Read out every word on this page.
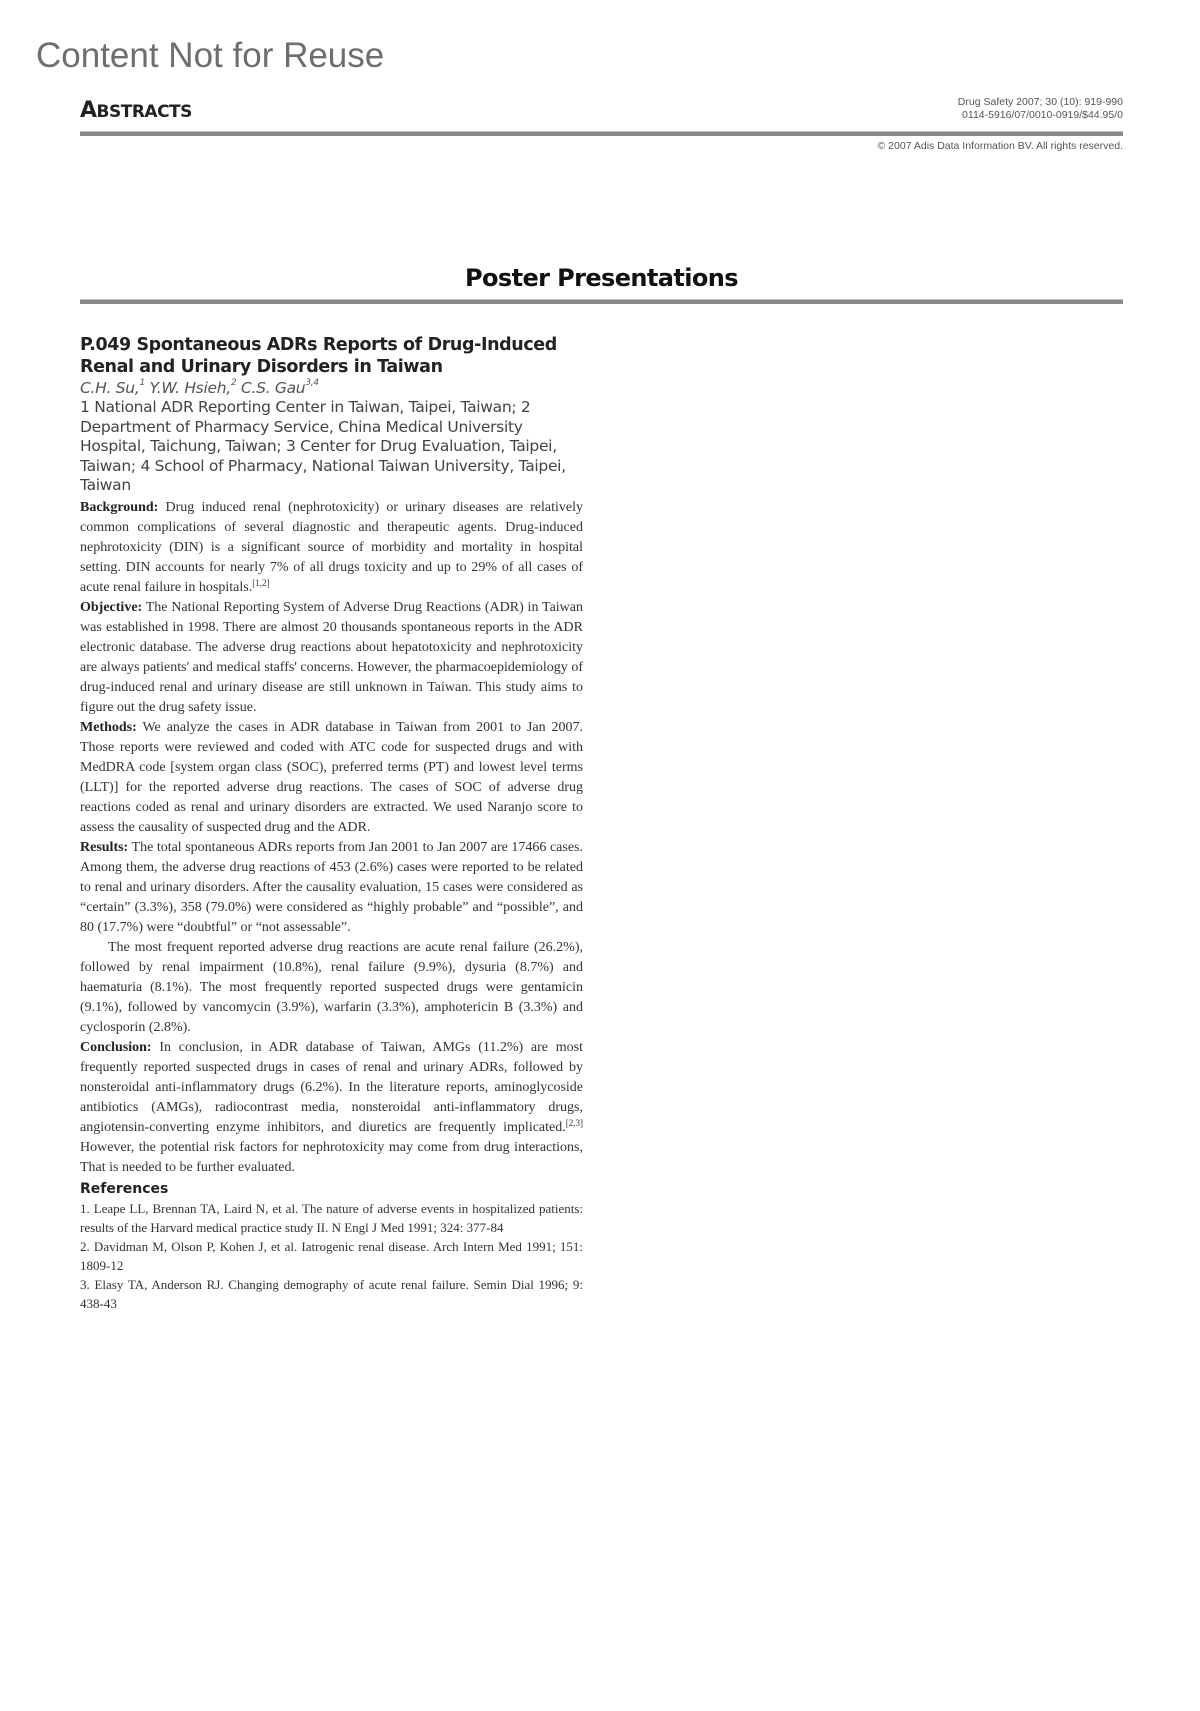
Content Not for Reuse
ABSTRACTS	Drug Safety 2007; 30 (10): 919-990
0114-5916/07/0010-0919/$44.95/0
© 2007 Adis Data Information BV. All rights reserved.
Poster Presentations
P.049 Spontaneous ADRs Reports of Drug-Induced Renal and Urinary Disorders in Taiwan
C.H. Su,$^1$ Y.W. Hsieh,$^2$ C.S. Gau$^{3,4}$
1 National ADR Reporting Center in Taiwan, Taipei, Taiwan; 2 Department of Pharmacy Service, China Medical University Hospital, Taichung, Taiwan; 3 Center for Drug Evaluation, Taipei, Taiwan; 4 School of Pharmacy, National Taiwan University, Taipei, Taiwan
Background: Drug induced renal (nephrotoxicity) or urinary diseases are relatively common complications of several diagnostic and therapeutic agents. Drug-induced nephrotoxicity (DIN) is a significant source of morbidity and mortality in hospital setting. DIN accounts for nearly 7% of all drugs toxicity and up to 29% of all cases of acute renal failure in hospitals.[1,2]
Objective: The National Reporting System of Adverse Drug Reactions (ADR) in Taiwan was established in 1998. There are almost 20 thousands spontaneous reports in the ADR electronic database. The adverse drug reactions about hepatotoxicity and nephrotoxicity are always patients' and medical staffs' concerns. However, the pharmacoepidemiology of drug-induced renal and urinary disease are still unknown in Taiwan. This study aims to figure out the drug safety issue.
Methods: We analyze the cases in ADR database in Taiwan from 2001 to Jan 2007. Those reports were reviewed and coded with ATC code for suspected drugs and with MedDRA code [system organ class (SOC), preferred terms (PT) and lowest level terms (LLT)] for the reported adverse drug reactions. The cases of SOC of adverse drug reactions coded as renal and urinary disorders are extracted. We used Naranjo score to assess the causality of suspected drug and the ADR.
Results: The total spontaneous ADRs reports from Jan 2001 to Jan 2007 are 17466 cases. Among them, the adverse drug reactions of 453 (2.6%) cases were reported to be related to renal and urinary disorders. After the causality evaluation, 15 cases were considered as “certain” (3.3%), 358 (79.0%) were considered as “highly probable” and “possible”, and 80 (17.7%) were “doubtful” or “not assessable”.
The most frequent reported adverse drug reactions are acute renal failure (26.2%), followed by renal impairment (10.8%), renal failure (9.9%), dysuria (8.7%) and haematuria (8.1%). The most frequently reported suspected drugs were gentamicin (9.1%), followed by vancomycin (3.9%), warfarin (3.3%), amphotericin B (3.3%) and cyclosporin (2.8%).
Conclusion: In conclusion, in ADR database of Taiwan, AMGs (11.2%) are most frequently reported suspected drugs in cases of renal and urinary ADRs, followed by nonsteroidal anti-inflammatory drugs (6.2%). In the literature reports, aminoglycoside antibiotics (AMGs), radiocontrast media, nonsteroidal anti-inflammatory drugs, angiotensin-converting enzyme inhibitors, and diuretics are frequently implicated.[2,3] However, the potential risk factors for nephrotoxicity may come from drug interactions, That is needed to be further evaluated.
References
1. Leape LL, Brennan TA, Laird N, et al. The nature of adverse events in hospitalized patients: results of the Harvard medical practice study II. N Engl J Med 1991; 324: 377-84
2. Davidman M, Olson P, Kohen J, et al. Iatrogenic renal disease. Arch Intern Med 1991; 151: 1809-12
3. Elasy TA, Anderson RJ. Changing demography of acute renal failure. Semin Dial 1996; 9: 438-43
